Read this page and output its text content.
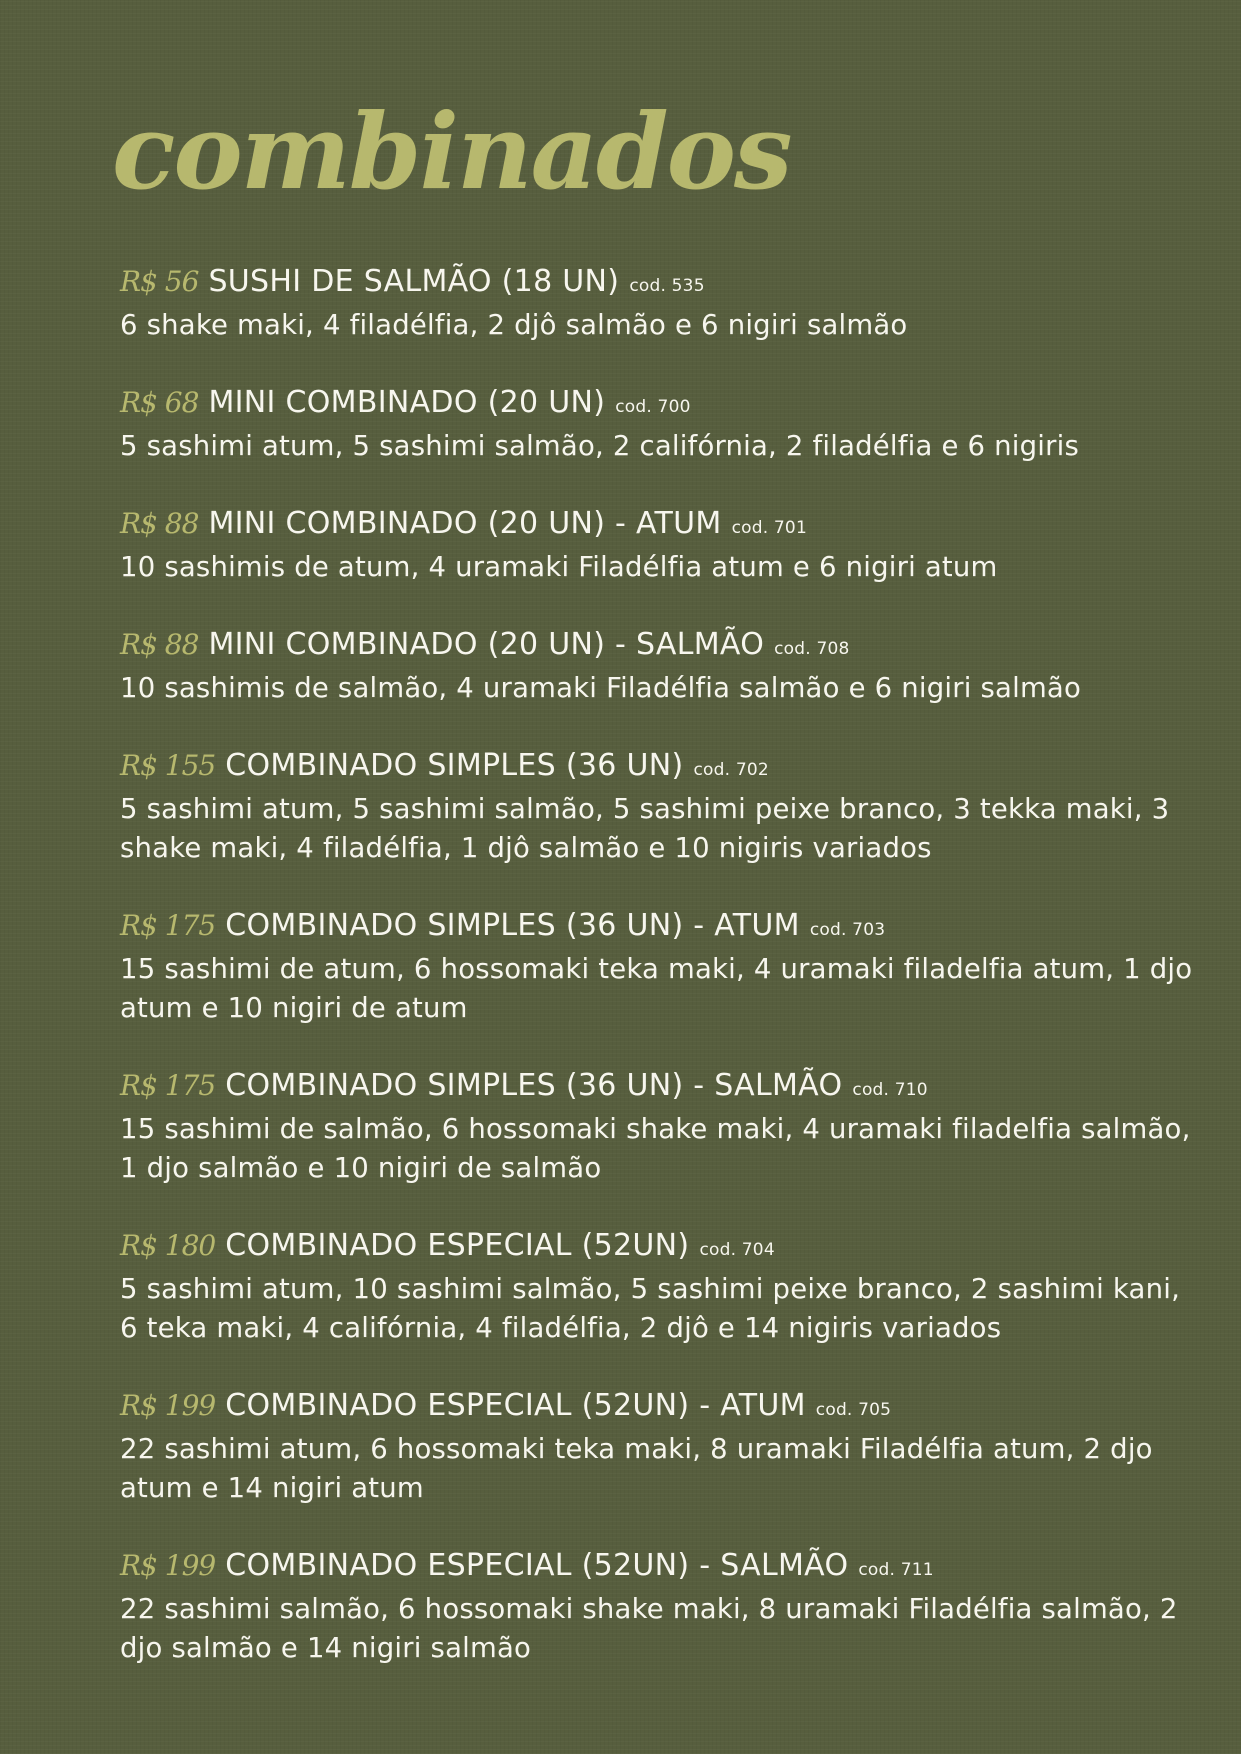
combinados
R$ 56 SUSHI DE SALMÃO (18 UN) cod. 535

6 shake maki, 4 filadélfia, 2 djô salmão e 6 nigiri salmão

R$ 68 MINI COMBINADO (20 UN) cod. 700

5 sashimi atum, 5 sashimi salmão, 2 califórnia, 2 filadélfia e 6 nigiris

R$ 88 MINI COMBINADO (20 UN) - ATUM cod. 701

10 sashimis de atum, 4 uramaki Filadélfia atum e 6 nigiri atum

R$ 88 MINI COMBINADO (20 UN) - SALMÃO cod. 708

10 sashimis de salmão, 4 uramaki Filadélfia salmão e 6 nigiri salmão

R$ 155 COMBINADO SIMPLES (36 UN) cod. 702

5 sashimi atum, 5 sashimi salmão, 5 sashimi peixe branco, 3 tekka maki, 3 shake maki, 4 filadélfia, 1 djô salmão e 10 nigiris variados

R$ 175 COMBINADO SIMPLES (36 UN) - ATUM cod. 703

15 sashimi de atum, 6 hossomaki teka maki, 4 uramaki filadelfia atum, 1 djo atum e 10 nigiri de atum

R$ 175 COMBINADO SIMPLES (36 UN) - SALMÃO cod. 710

15 sashimi de salmão, 6 hossomaki shake maki, 4 uramaki filadelfia salmão, 1 djo salmão e 10 nigiri de salmão

R$ 180 COMBINADO ESPECIAL (52UN) cod. 704

5 sashimi atum, 10 sashimi salmão, 5 sashimi peixe branco, 2 sashimi kani, 6 teka maki, 4 califórnia, 4 filadélfia, 2 djô e 14 nigiris variados

R$ 199 COMBINADO ESPECIAL (52UN) - ATUM cod. 705

22 sashimi atum, 6 hossomaki teka maki, 8 uramaki Filadélfia atum, 2 djo atum e 14 nigiri atum

R$ 199 COMBINADO ESPECIAL (52UN) - SALMÃO cod. 711

22 sashimi salmão, 6 hossomaki shake maki, 8 uramaki Filadélfia salmão, 2 djo salmão e 14 nigiri salmão
